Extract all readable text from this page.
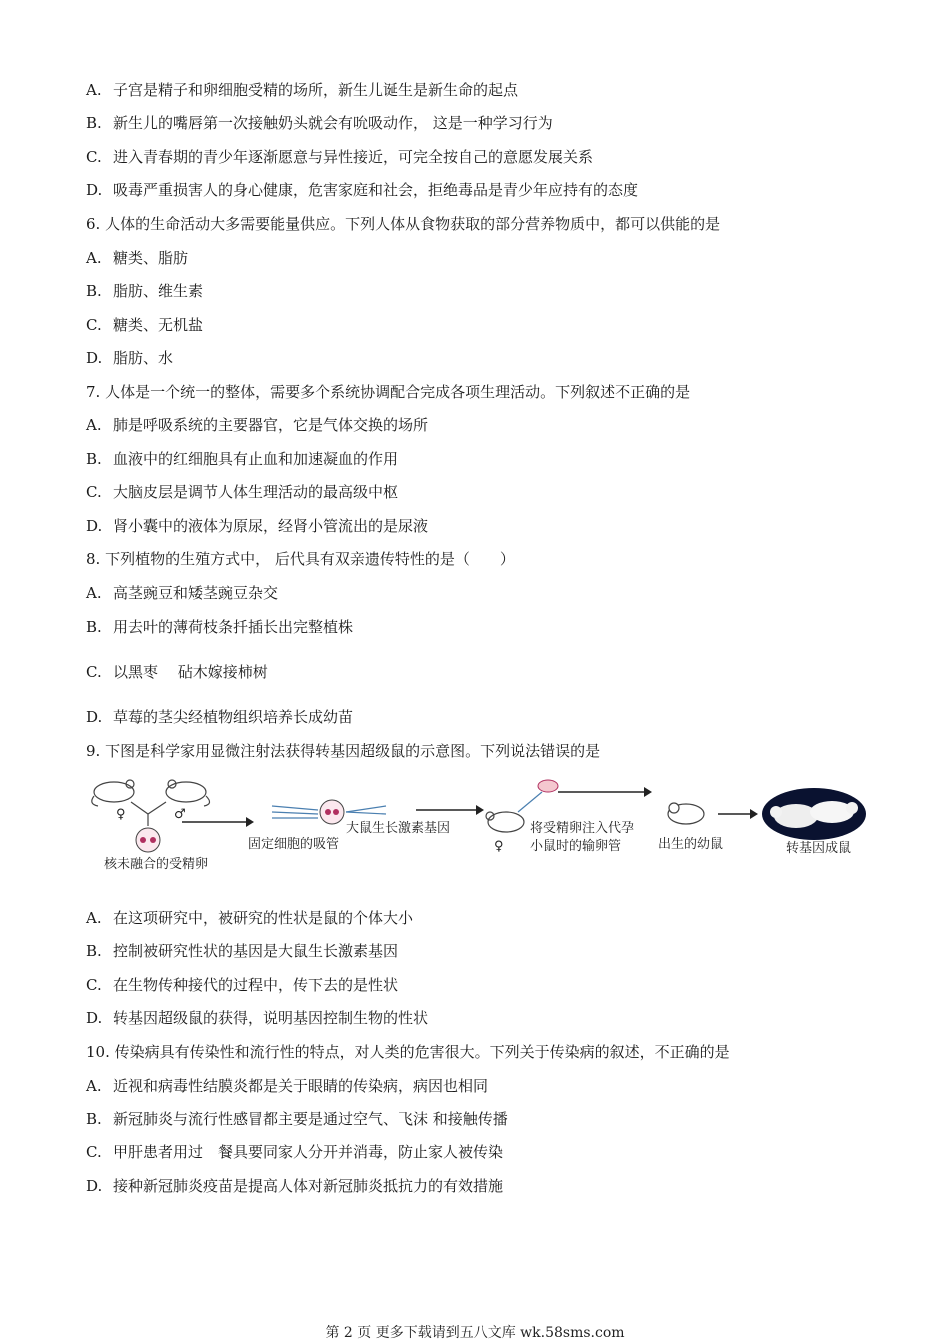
A. 子宫是精子和卵细胞受精的场所，新生儿诞生是新生命的起点
B. 新生儿的嘴唇第一次接触奶头就会有吮吸动作， 这是一种学习行为
C. 进入青春期的青少年逐渐愿意与异性接近，可完全按自己的意愿发展关系
D. 吸毒严重损害人的身心健康，危害家庭和社会，拒绝毒品是青少年应持有的态度
6. 人体的生命活动大多需要能量供应。下列人体从食物获取的部分营养物质中，都可以供能的是
A. 糖类、脂肪
B. 脂肪、维生素
C. 糖类、无机盐
D. 脂肪、水
7. 人体是一个统一的整体，需要多个系统协调配合完成各项生理活动。下列叙述不正确的是
A. 肺是呼吸系统的主要器官，它是气体交换的场所
B. 血液中的红细胞具有止血和加速凝血的作用
C. 大脑皮层是调节人体生理活动的最高级中枢
D. 肾小囊中的液体为原尿，经肾小管流出的是尿液
8. 下列植物的生殖方式中， 后代具有双亲遗传特性的是（　　）
A. 高茎豌豆和矮茎豌豆杂交
B. 用去叶的薄荷枝条扦插长出完整植株
C. 以黑枣　 砧木嫁接柿树
D. 草莓的茎尖经植物组织培养长成幼苗
9. 下图是科学家用显微注射法获得转基因超级鼠的示意图。下列说法错误的是
A. 在这项研究中，被研究的性状是鼠的个体大小
B. 控制被研究性状的基因是大鼠生长激素基因
C. 在生物传种接代的过程中，传下去的是性状
D. 转基因超级鼠的获得，说明基因控制生物的性状
10. 传染病具有传染性和流行性的特点，对人类的危害很大。下列关于传染病的叙述，不正确的是
A. 近视和病毒性结膜炎都是关于眼睛的传染病，病因也相同
B. 新冠肺炎与流行性感冒都主要是通过空气、飞沫 和接触传播
C. 甲肝患者用过　餐具要同家人分开并消毒，防止家人被传染
D. 接种新冠肺炎疫苗是提高人体对新冠肺炎抵抗力的有效措施
♀	♂
核未融合的受精卵
固定细胞的吸管
大鼠生长激素基因
♀
将受精卵注入代孕
小鼠时的输卵管	出生的幼鼠	转基因成鼠
第 2 页 更多下载请到五八文库 wk.58sms.com
